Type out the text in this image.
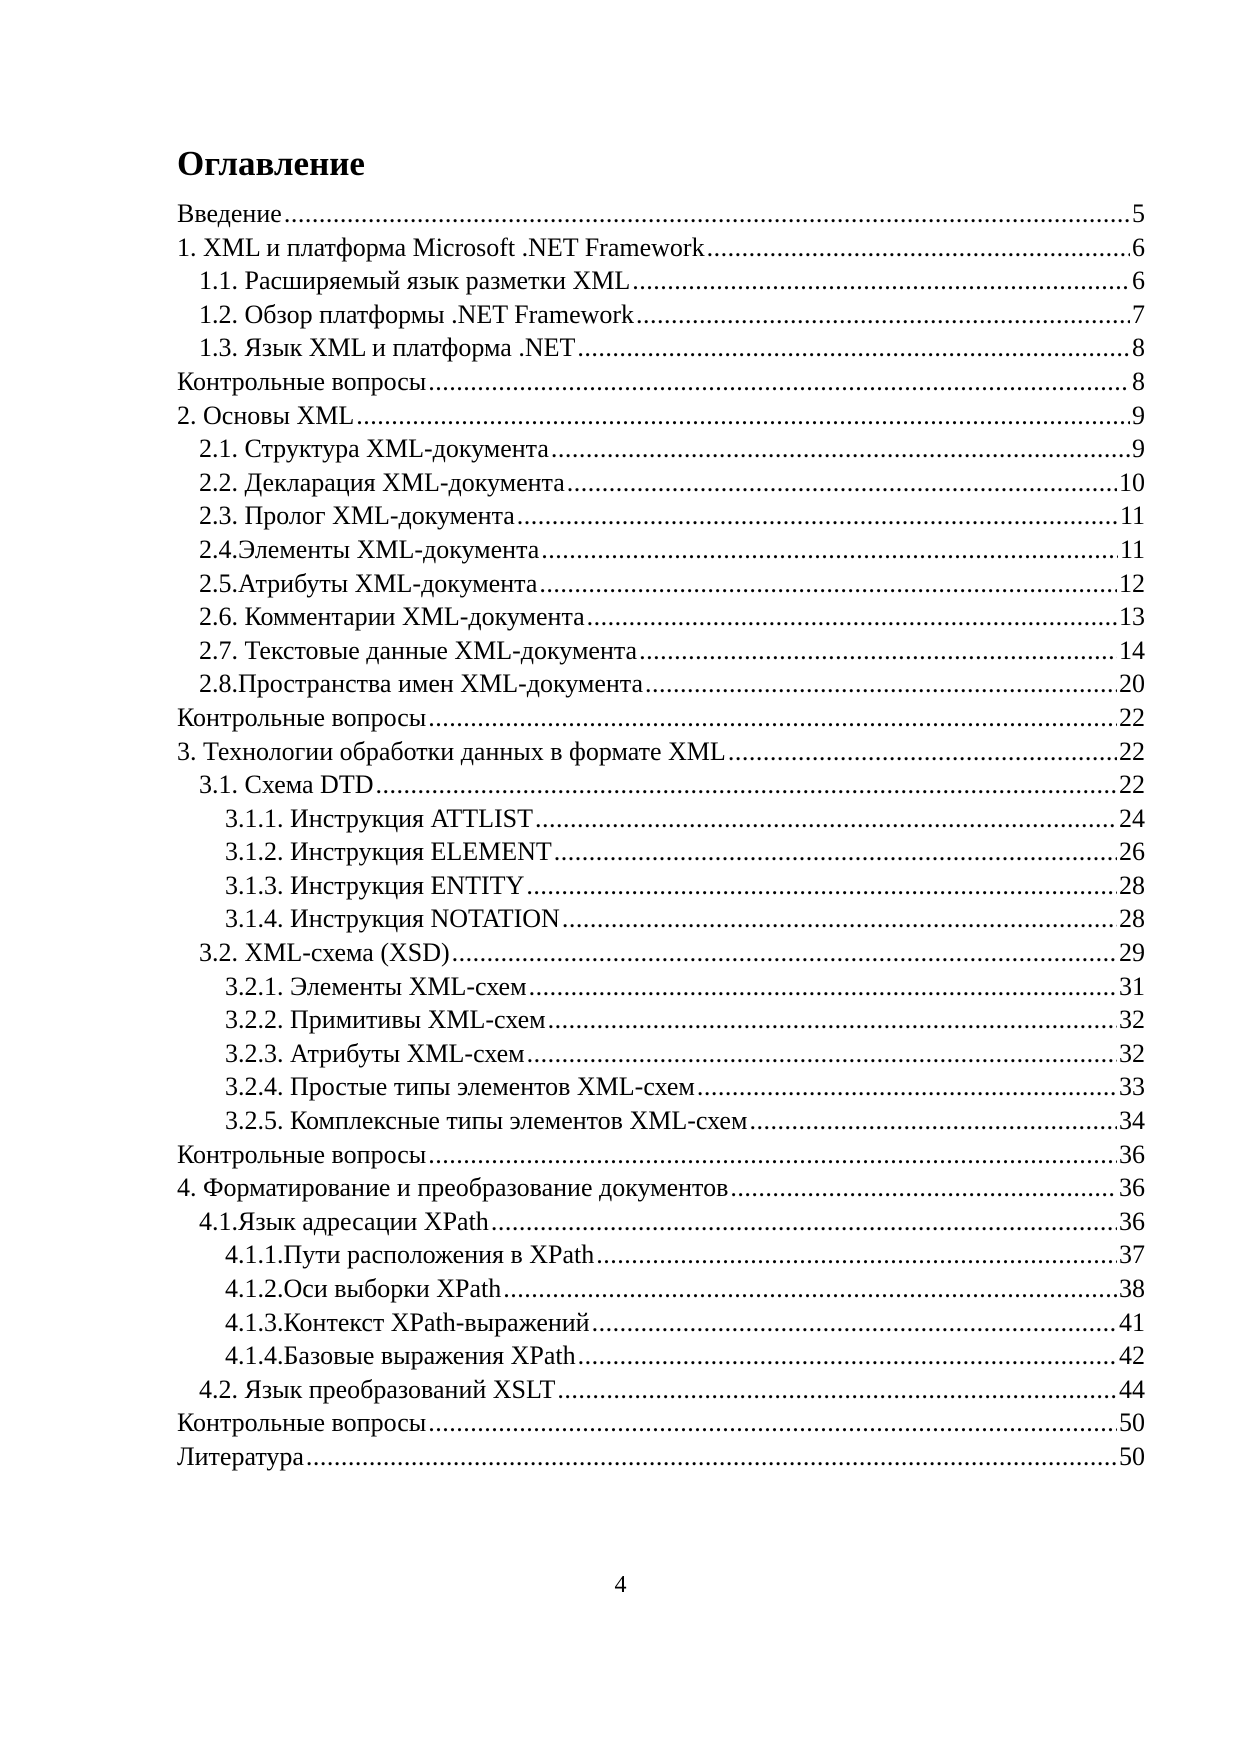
Оглавление
Введение .....	5
1. XML и платформа Microsoft .NET Framework .....	6
1.1. Расширяемый язык разметки XML .....	6
1.2. Обзор платформы .NET Framework .....	7
1.3. Язык XML и платформа .NET .....	8
Контрольные вопросы .....	8
2. Основы XML .....	9
2.1. Структура XML-документа .....	9
2.2. Декларация XML-документа .....	10
2.3. Пролог XML-документа .....	11
2.4.Элементы XML-документа .....	11
2.5.Атрибуты XML-документа .....	12
2.6. Комментарии XML-документа .....	13
2.7. Текстовые данные XML-документа .....	14
2.8.Пространства имен XML-документа .....	20
Контрольные вопросы .....	22
3. Технологии обработки данных в формате XML .....	22
3.1. Схема DTD .....	22
3.1.1. Инструкция ATTLIST .....	24
3.1.2. Инструкция ELEMENT .....	26
3.1.3. Инструкция ENTITY .....	28
3.1.4. Инструкция NOTATION .....	28
3.2. XML-схема (XSD) .....	29
3.2.1. Элементы XML-схем .....	31
3.2.2. Примитивы XML-схем .....	32
3.2.3. Атрибуты XML-схем .....	32
3.2.4. Простые типы элементов XML-схем .....	33
3.2.5. Комплексные типы элементов XML-схем .....	34
Контрольные вопросы .....	36
4. Форматирование и преобразование документов .....	36
4.1.Язык адресации XPath .....	36
4.1.1.Пути расположения в XPath .....	37
4.1.2.Оси выборки XPath .....	38
4.1.3.Контекст XPath-выражений .....	41
4.1.4.Базовые выражения XPath .....	42
4.2. Язык преобразований XSLT .....	44
Контрольные вопросы .....	50
Литература .....	50
4
